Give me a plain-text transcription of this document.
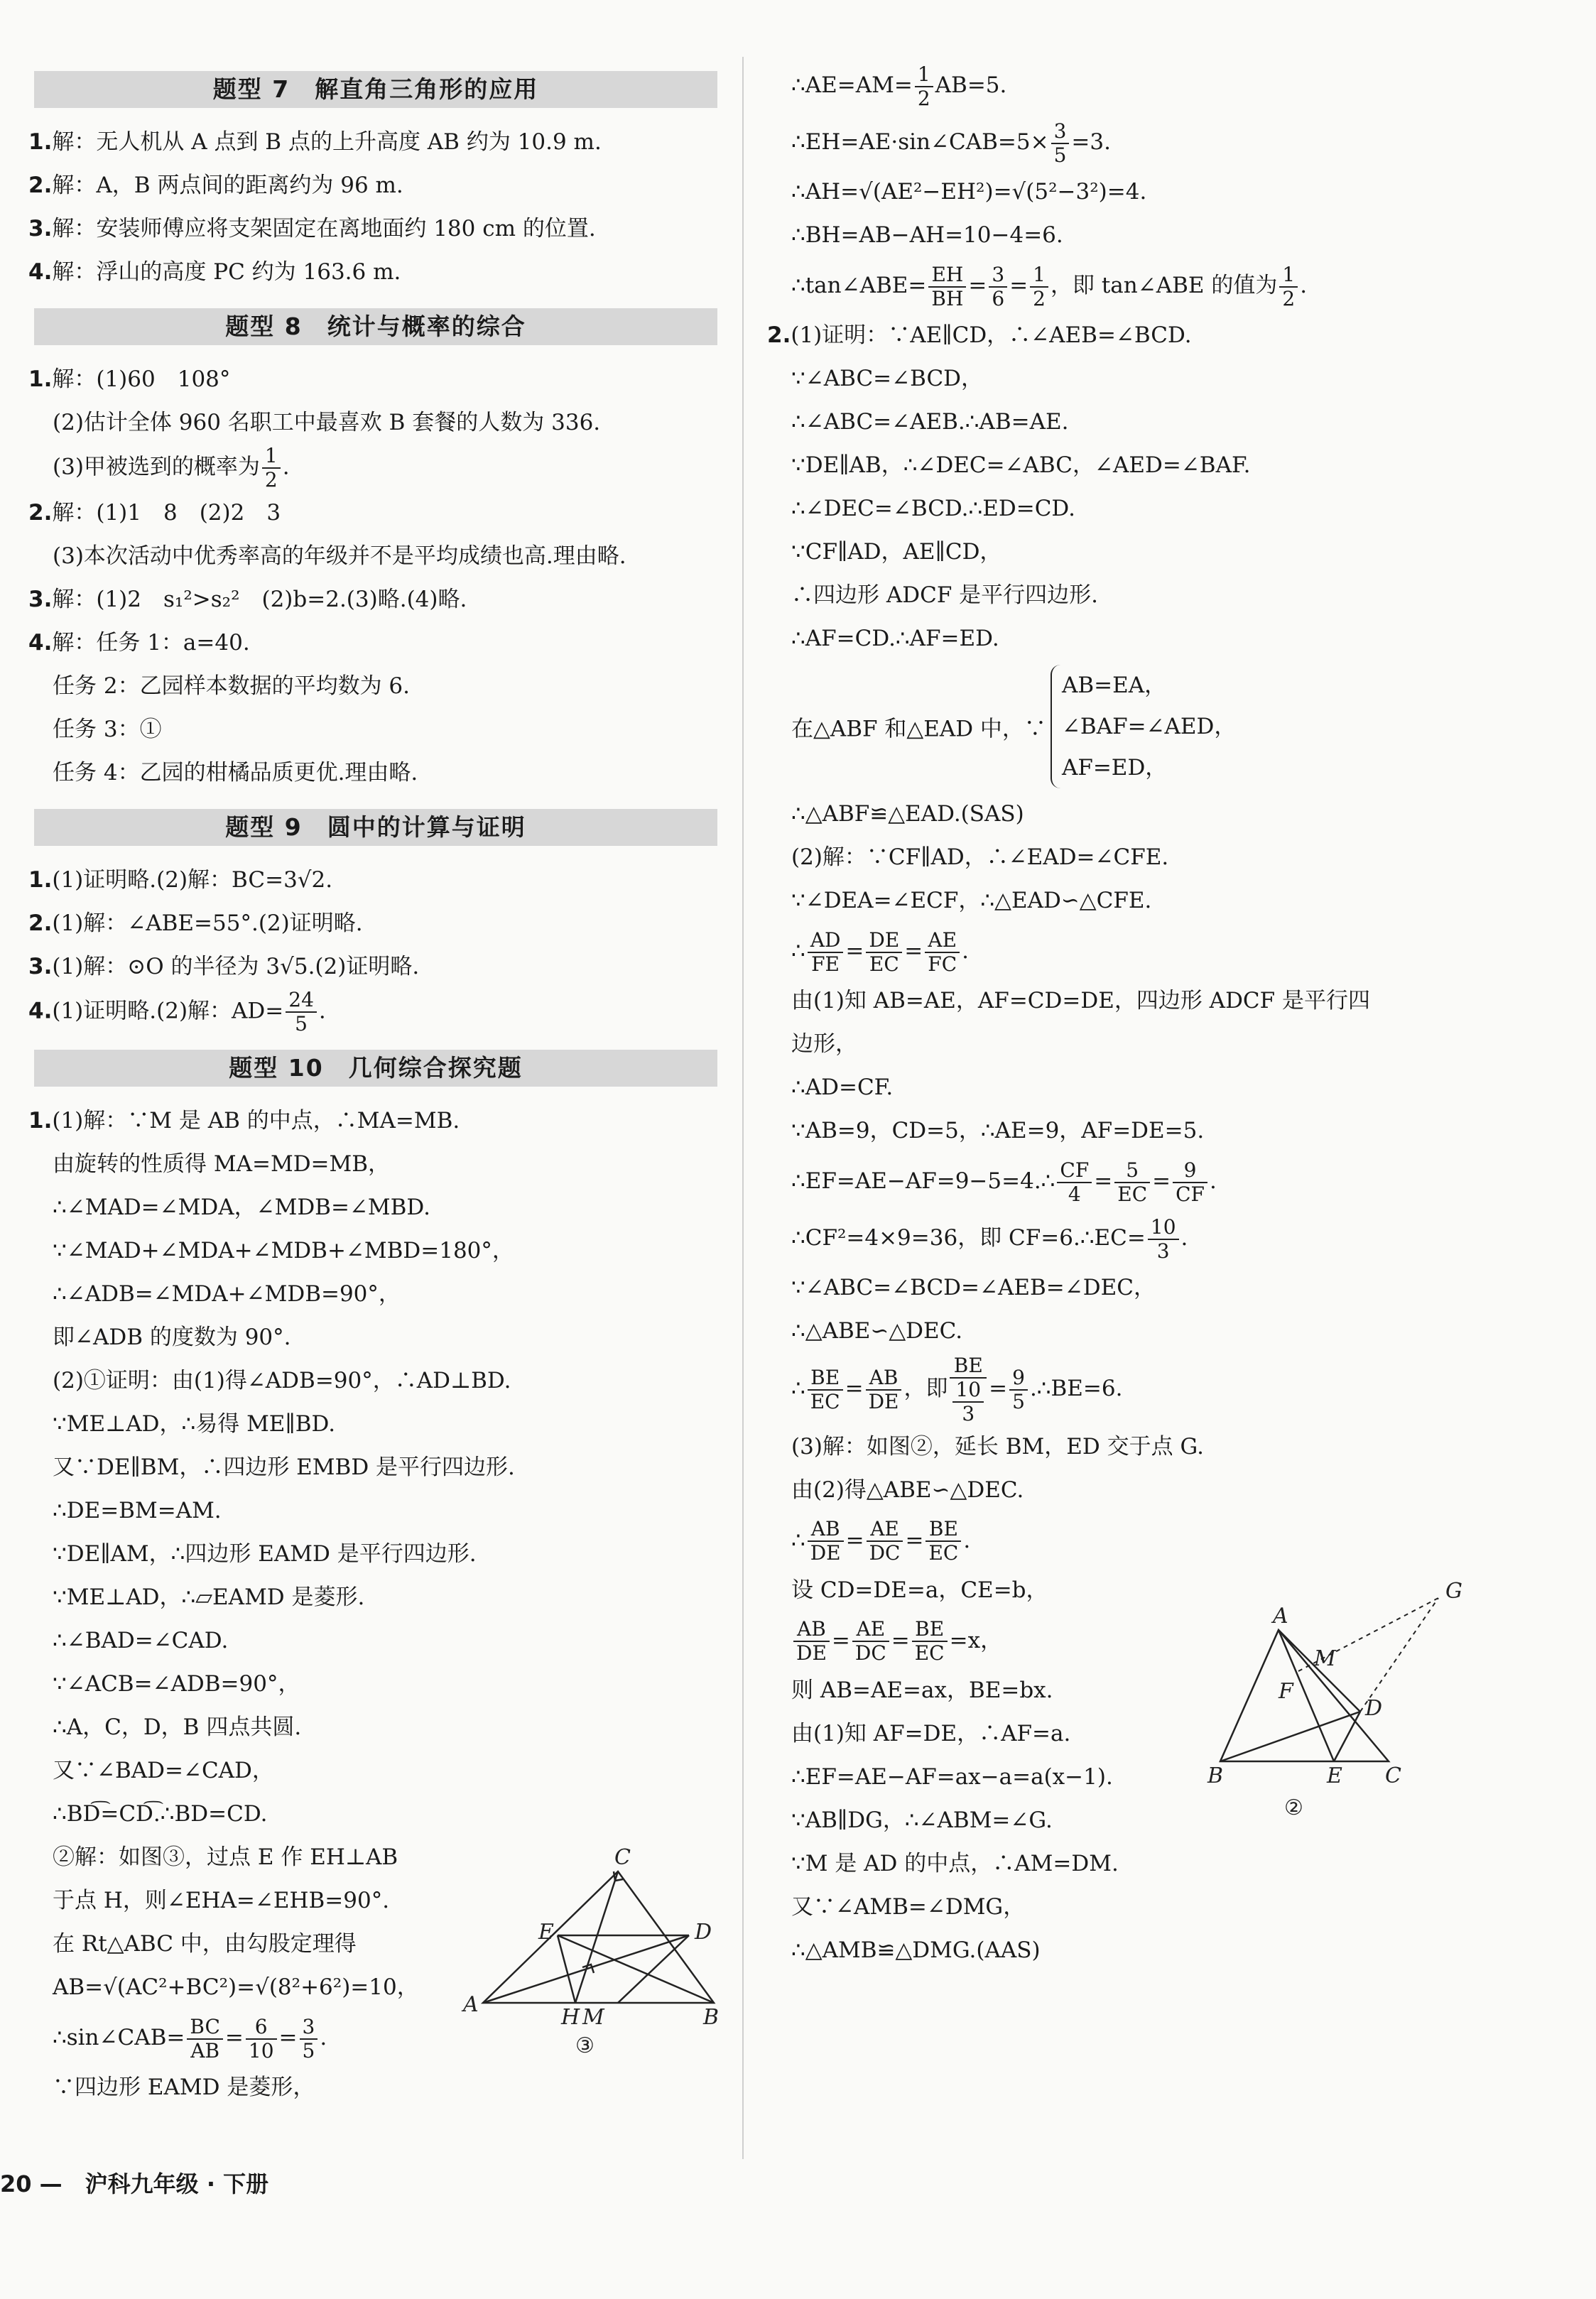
题型 7　解直角三角形的应用
1.解：无人机从 A 点到 B 点的上升高度 AB 约为 10.9 m.
2.解：A，B 两点间的距离约为 96 m.
3.解：安装师傅应将支架固定在离地面约 180 cm 的位置.
4.解：浮山的高度 PC 约为 163.6 m.
题型 8　统计与概率的综合
1.解：(1)60　108°
(2)估计全体 960 名职工中最喜欢 B 套餐的人数为 336.
(3)甲被选到的概率为 $\frac{1}{2}$ .
2.解：(1)1　8　(2)2　3
(3)本次活动中优秀率高的年级并不是平均成绩也高.理由略.
3.解：(1)2　s₁²>s₂²　(2)b=2.(3)略.(4)略.
4.解：任务 1：a=40.
任务 2：乙园样本数据的平均数为 6.
任务 3：①
任务 4：乙园的柑橘品质更优.理由略.
题型 9　圆中的计算与证明
1.(1)证明略.(2)解：BC=3√2.
2.(1)解：∠ABE=55°.(2)证明略.
3.(1)解：⊙O 的半径为 3√5.(2)证明略.
4.(1)证明略.(2)解：$AD= \frac{24}{5}$ .
题型 10　几何综合探究题
1.(1)解：∵M 是 AB 的中点，∴MA=MB.
由旋转的性质得 MA=MD=MB，
∴∠MAD=∠MDA，∠MDB=∠MBD.
∵∠MAD+∠MDA+∠MDB+∠MBD=180°，
∴∠ADB=∠MDA+∠MDB=90°，
即∠ADB 的度数为 90°.
(2)①证明：由(1)得∠ADB=90°，∴AD⊥BD.
∵ME⊥AD，∴易得 ME∥BD.
又∵DE∥BM，∴四边形 EMBD 是平行四边形.
∴DE=BM=AM.
∵DE∥AM，∴四边形 EAMD 是平行四边形.
∵ME⊥AD，∴▱EAMD 是菱形.
∴∠BAD=∠CAD.
∵∠ACB=∠ADB=90°，
∴A，C，D，B 四点共圆.
又∵∠BAD=∠CAD，
∴BD͡=CD͡.∴BD=CD.
②解：如图③，过点 E 作 EH⊥AB
于点 H，则∠EHA=∠EHB=90°.
在 Rt△ABC 中，由勾股定理得
AB=√(AC²+BC²)=√(8²+6²)=10，
∴sin∠CAB= $\frac{BC}{AB} = \frac{6}{10} = \frac{3}{5}$ .
∵四边形 EAMD 是菱形，
C
E	D
A
H M	B
③
∴AE=AM= $\frac{1}{2} AB=5$.
∴EH=AE·sin∠CAB=5× $\frac{3}{5} =3$.
∴AH=√(AE²−EH²)=√(5²−3²)=4.
∴BH=AB−AH=10−4=6.
∴tan∠ABE= $\frac{EH}{BH} = \frac{3}{6} = \frac{1}{2}$ ，即 tan∠ABE 的值为 $\frac{1}{2}$ .
2.(1)证明：∵AE∥CD，∴∠AEB=∠BCD.
∵∠ABC=∠BCD，
∴∠ABC=∠AEB.∴AB=AE.
∵DE∥AB，∴∠DEC=∠ABC，∠AED=∠BAF.
∴∠DEC=∠BCD.∴ED=CD.
∵CF∥AD，AE∥CD，
∴四边形 ADCF 是平行四边形.
∴AF=CD.∴AF=ED.
在△ABF 和△EAD 中，∵AB=EA，
∠BAF=∠AED，
AF=ED，
∴△ABF≌△EAD.(SAS)
(2)解：∵CF∥AD，∴∠EAD=∠CFE.
∵∠DEA=∠ECF，∴△EAD∽△CFE.
∴ $\frac{AD}{FE} = \frac{DE}{EC} = \frac{AE}{FC}$ .
由(1)知 AB=AE，AF=CD=DE，四边形 ADCF 是平行四
边形，
∴AD=CF.
∵AB=9，CD=5，∴AE=9，AF=DE=5.
∴EF=AE−AF=9−5=4.∴ $\frac{CF}{4} = \frac{5}{EC} = \frac{9}{CF}$ .
∴CF²=4×9=36，即 CF=6.∴EC= $\frac{10}{3}$ .
∵∠ABC=∠BCD=∠AEB=∠DEC，
∴△ABE∽△DEC.
∴ $\frac{BE}{EC} = \frac{AB}{DE}$ ，即 $\frac{BE}{\frac{10}{3}} = \frac{9}{5}$ .∴BE=6.
(3)解：如图②，延长 BM，ED 交于点 G.
由(2)得△ABE∽△DEC.
∴ $\frac{AB}{DE} = \frac{AE}{DC} = \frac{BE}{EC}$ .
设 CD=DE=a，CE=b，
$\frac{AB}{DE} = \frac{AE}{DC} = \frac{BE}{EC} =x$，
则 AB=AE=ax，BE=bx.
由(1)知 AF=DE，∴AF=a.
∴EF=AE−AF=ax−a=a(x−1).
∵AB∥DG，∴∠ABM=∠G.
∵M 是 AD 的中点，∴AM=DM.
又∵∠AMB=∠DMG，
∴△AMB≌△DMG.(AAS)
G
A
M
F
D
B	E C
②
20 —　沪科九年级 · 下册
